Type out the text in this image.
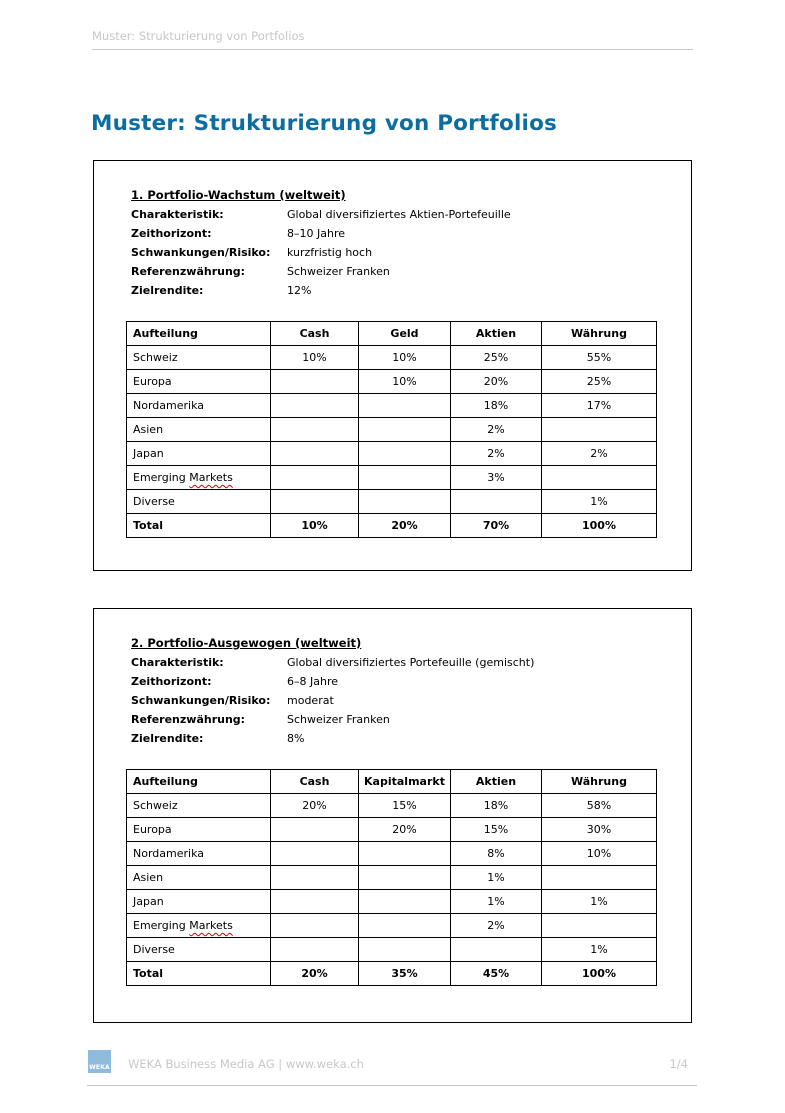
Muster: Strukturierung von Portfolios
Muster: Strukturierung von Portfolios
1. Portfolio-Wachstum (weltweit)
Charakteristik:	Global diversifiziertes Aktien-Portefeuille
Zeithorizont:	8–10 Jahre
Schwankungen/Risiko:	kurzfristig hoch
Referenzwährung:	Schweizer Franken
Zielrendite:	12%
Aufteilung	Cash	Geld	Aktien	Währung
Schweiz	10%	10%	25%	55%
Europa		10%	20%	25%
Nordamerika			18%	17%
Asien			2%	
Japan			2%	2%
Emerging Markets			3%	
Diverse				1%
Total	10%	20%	70%	100%
2. Portfolio-Ausgewogen (weltweit)
Charakteristik:	Global diversifiziertes Portefeuille (gemischt)
Zeithorizont:	6–8 Jahre
Schwankungen/Risiko:	moderat
Referenzwährung:	Schweizer Franken
Zielrendite:	8%
Aufteilung	Cash	Kapitalmarkt	Aktien	Währung
Schweiz	20%	15%	18%	58%
Europa		20%	15%	30%
Nordamerika			8%	10%
Asien			1%	
Japan			1%	1%
Emerging Markets			2%	
Diverse				1%
Total	20%	35%	45%	100%
WEKA WEKA Business Media AG | www.weka.ch	1/4
